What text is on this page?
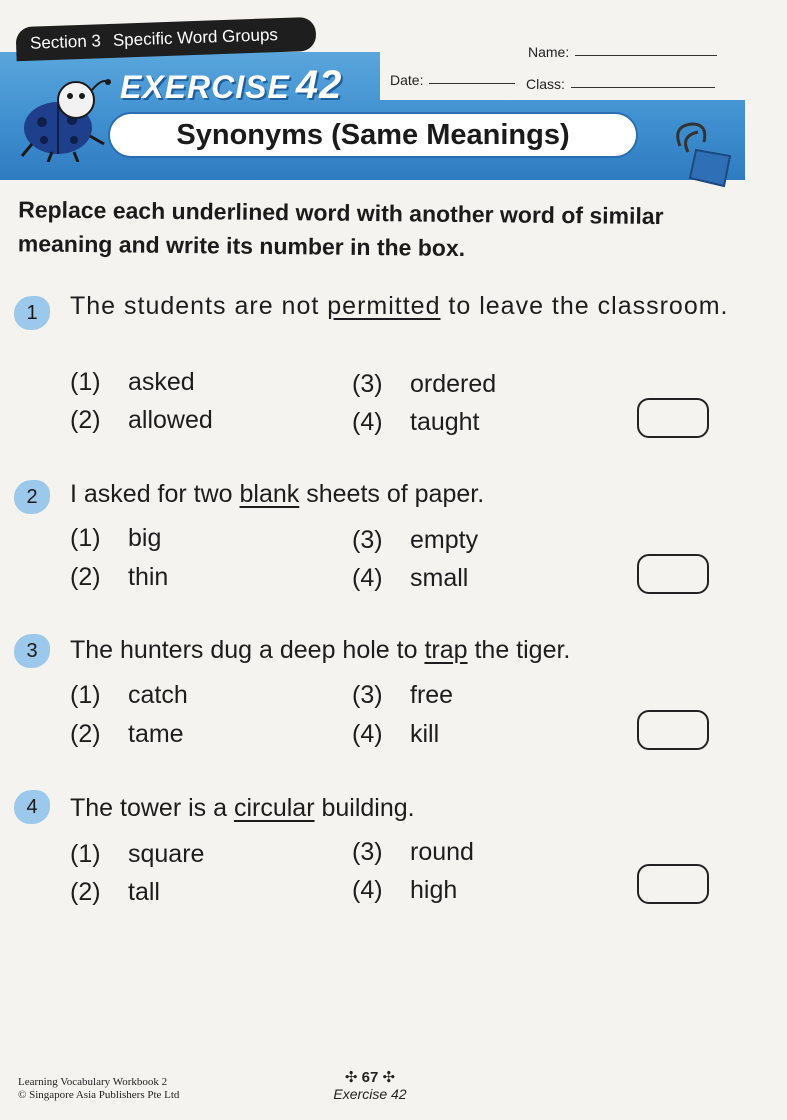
Section 3 Specific Word Groups
Name:
Date:	Class:
EXERCISE 42
Synonyms (Same Meanings)
Replace each underlined word with another word of similar meaning and write its number in the box.
1	The students are not permitted to leave the classroom.
(1) asked
(2) allowed
(3) ordered
(4) taught
2	I asked for two blank sheets of paper.
(1) big
(2) thin
(3) empty
(4) small
3	The hunters dug a deep hole to trap the tiger.
(1) catch
(2) tame
(3) free
(4) kill
4	The tower is a circular building.
(1) square
(2) tall
(3) round
(4) high
Learning Vocabulary Workbook 2
© Singapore Asia Publishers Pte Ltd
✣ 67 ✣
Exercise 42
